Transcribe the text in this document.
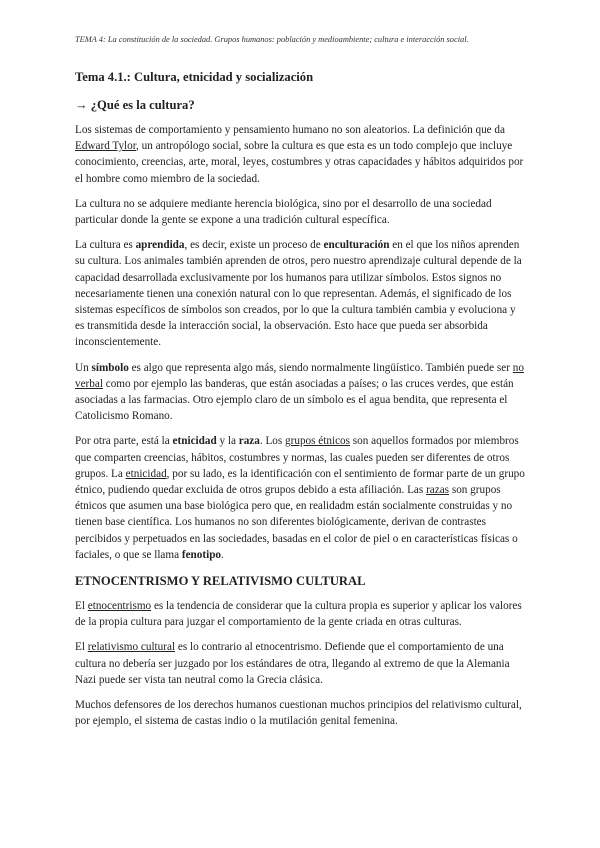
TEMA 4: La constitución de la sociedad. Grupos humanos: población y medioambiente; cultura e interacción social.
Tema 4.1.: Cultura, etnicidad y socialización
→ ¿Qué es la cultura?

Los sistemas de comportamiento y pensamiento humano no son aleatorios. La definición que da Edward Tylor, un antropólogo social, sobre la cultura es que esta es un todo complejo que incluye conocimiento, creencias, arte, moral, leyes, costumbres y otras capacidades y hábitos adquiridos por el hombre como miembro de la sociedad.

La cultura no se adquiere mediante herencia biológica, sino por el desarrollo de una sociedad particular donde la gente se expone a una tradición cultural específica.

La cultura es aprendida, es decir, existe un proceso de enculturación en el que los niños aprenden su cultura. Los animales también aprenden de otros, pero nuestro aprendizaje cultural depende de la capacidad desarrollada exclusivamente por los humanos para utilizar símbolos. Estos signos no necesariamente tienen una conexión natural con lo que representan. Además, el significado de los sistemas específicos de símbolos son creados, por lo que la cultura también cambia y evoluciona y es transmitida desde la interacción social, la observación. Esto hace que pueda ser absorbida inconscientemente.

Un símbolo es algo que representa algo más, siendo normalmente lingüístico. También puede ser no verbal como por ejemplo las banderas, que están asociadas a países; o las cruces verdes, que están asociadas a las farmacias. Otro ejemplo claro de un símbolo es el agua bendita, que representa el Catolicismo Romano.

Por otra parte, está la etnicidad y la raza. Los grupos étnicos son aquellos formados por miembros que comparten creencias, hábitos, costumbres y normas, las cuales pueden ser diferentes de otros grupos. La etnicidad, por su lado, es la identificación con el sentimiento de formar parte de un grupo étnico, pudiendo quedar excluida de otros grupos debido a esta afiliación. Las razas son grupos étnicos que asumen una base biológica pero que, en realidadm están socialmente construidas y no tienen base científica. Los humanos no son diferentes biológicamente, derivan de contrastes percibidos y perpetuados en las sociedades, basadas en el color de piel o en características físicas o faciales, o que se llama fenotipo.

ETNOCENTRISMO Y RELATIVISMO CULTURAL

El etnocentrismo es la tendencia de considerar que la cultura propia es superior y aplicar los valores de la propia cultura para juzgar el comportamiento de la gente criada en otras culturas.

El relativismo cultural es lo contrario al etnocentrismo. Defiende que el comportamiento de una cultura no debería ser juzgado por los estándares de otra, llegando al extremo de que la Alemania Nazi puede ser vista tan neutral como la Grecia clásica.

Muchos defensores de los derechos humanos cuestionan muchos principios del relativismo cultural, por ejemplo, el sistema de castas indio o la mutilación genital femenina.
